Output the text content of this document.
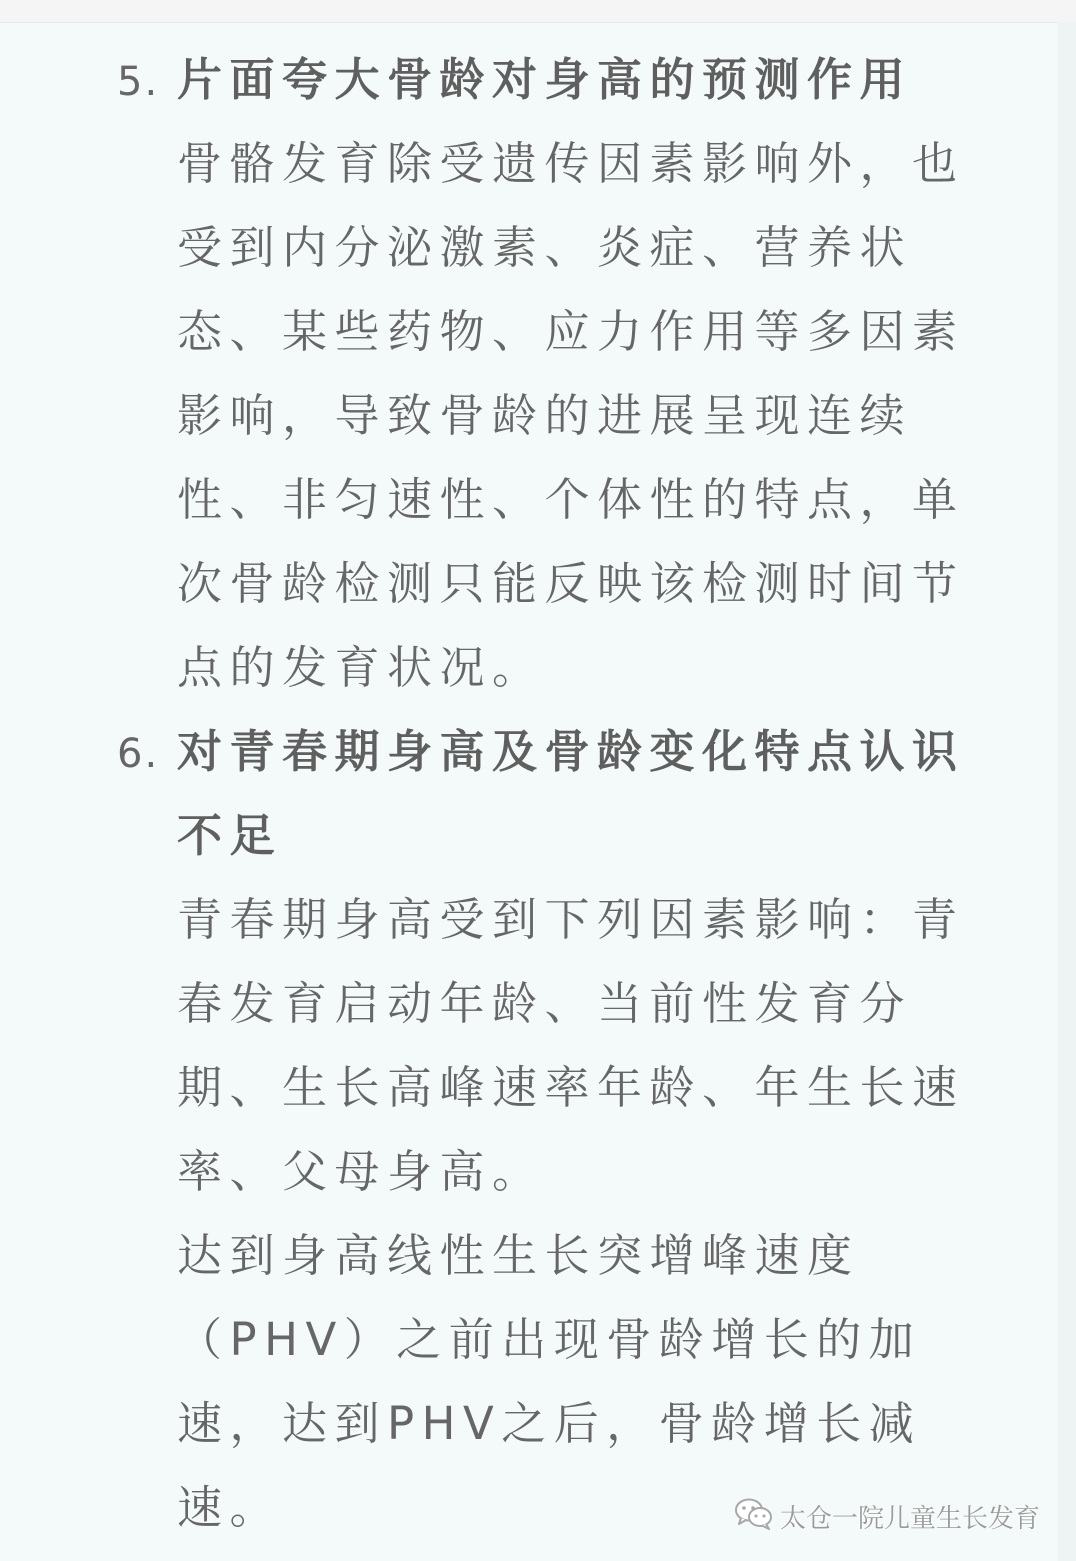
5. 片面夸大骨龄对身高的预测作用
骨骼发育除受遗传因素影响外，也
受到内分泌激素、炎症、营养状
态、某些药物、应力作用等多因素
影响，导致骨龄的进展呈现连续
性、非匀速性、个体性的特点，单
次骨龄检测只能反映该检测时间节
点的发育状况。
6. 对青春期身高及骨龄变化特点认识
不足
青春期身高受到下列因素影响：青
春发育启动年龄、当前性发育分
期、生长高峰速率年龄、年生长速
率、父母身高。
达到身高线性生长突增峰速度
（PHV）之前出现骨龄增长的加
速，达到PHV之后，骨龄增长减
速。	太仓一院儿童生长发育
